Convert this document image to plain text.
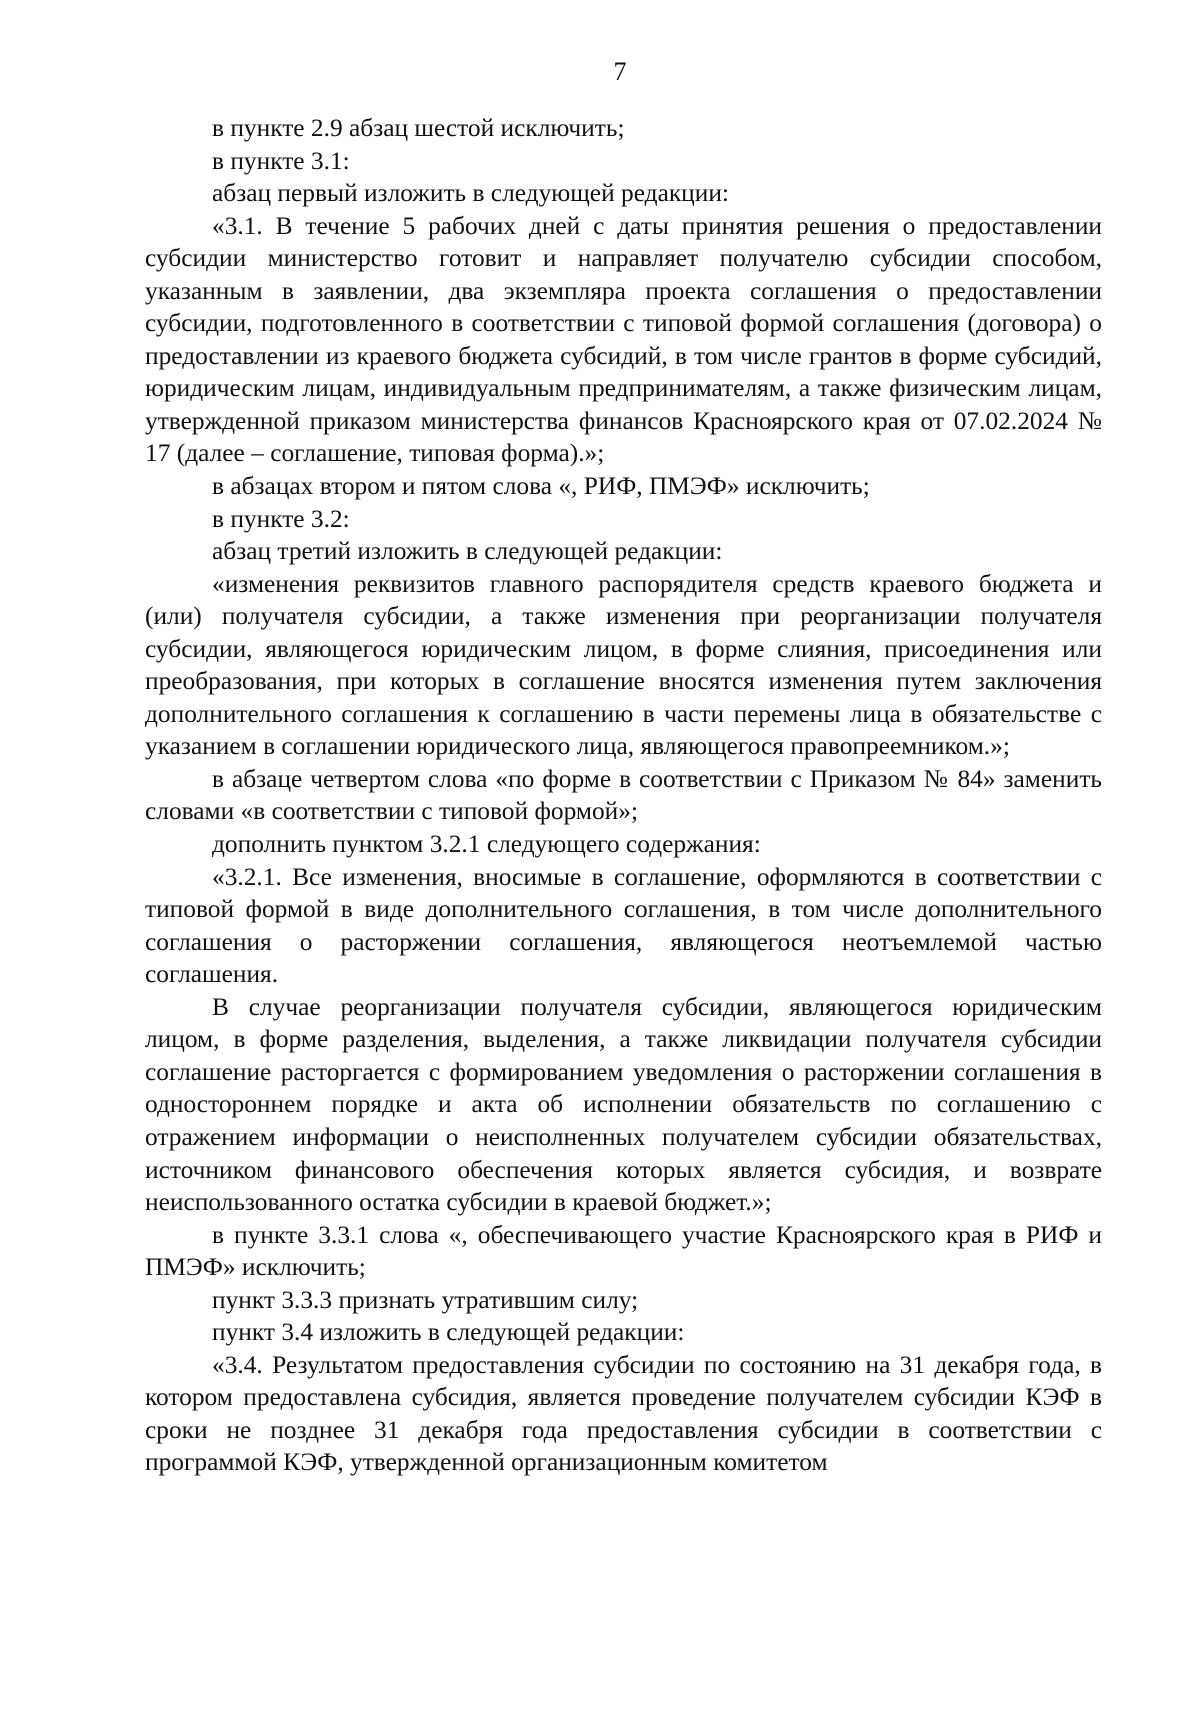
7

в пункте 2.9 абзац шестой исключить;

в пункте 3.1:

абзац первый изложить в следующей редакции:

«3.1. В течение 5 рабочих дней с даты принятия решения о предоставлении субсидии министерство готовит и направляет получателю субсидии способом, указанным в заявлении, два экземпляра проекта соглашения о предоставлении субсидии, подготовленного в соответствии с типовой формой соглашения (договора) о предоставлении из краевого бюджета субсидий, в том числе грантов в форме субсидий, юридическим лицам, индивидуальным предпринимателям, а также физическим лицам, утвержденной приказом министерства финансов Красноярского края от 07.02.2024 № 17 (далее – соглашение, типовая форма).»;

в абзацах втором и пятом слова «, РИФ, ПМЭФ» исключить;

в пункте 3.2:

абзац третий изложить в следующей редакции:

«изменения реквизитов главного распорядителя средств краевого бюджета и (или) получателя субсидии, а также изменения при реорганизации получателя субсидии, являющегося юридическим лицом, в форме слияния, присоединения или преобразования, при которых в соглашение вносятся изменения путем заключения дополнительного соглашения к соглашению в части перемены лица в обязательстве с указанием в соглашении юридического лица, являющегося правопреемником.»;

в абзаце четвертом слова «по форме в соответствии с Приказом № 84» заменить словами «в соответствии с типовой формой»;

дополнить пунктом 3.2.1 следующего содержания:

«3.2.1. Все изменения, вносимые в соглашение, оформляются в соответствии с типовой формой в виде дополнительного соглашения, в том числе дополнительного соглашения о расторжении соглашения, являющегося неотъемлемой частью соглашения.

В случае реорганизации получателя субсидии, являющегося юридическим лицом, в форме разделения, выделения, а также ликвидации получателя субсидии соглашение расторгается с формированием уведомления о расторжении соглашения в одностороннем порядке и акта об исполнении обязательств по соглашению с отражением информации о неисполненных получателем субсидии обязательствах, источником финансового обеспечения которых является субсидия, и возврате неиспользованного остатка субсидии в краевой бюджет.»;

в пункте 3.3.1 слова «, обеспечивающего участие Красноярского края в РИФ и ПМЭФ» исключить;

пункт 3.3.3 признать утратившим силу;

пункт 3.4 изложить в следующей редакции:

«3.4. Результатом предоставления субсидии по состоянию на 31 декабря года, в котором предоставлена субсидия, является проведение получателем субсидии КЭФ в сроки не позднее 31 декабря года предоставления субсидии в соответствии с программой КЭФ, утвержденной организационным комитетом
